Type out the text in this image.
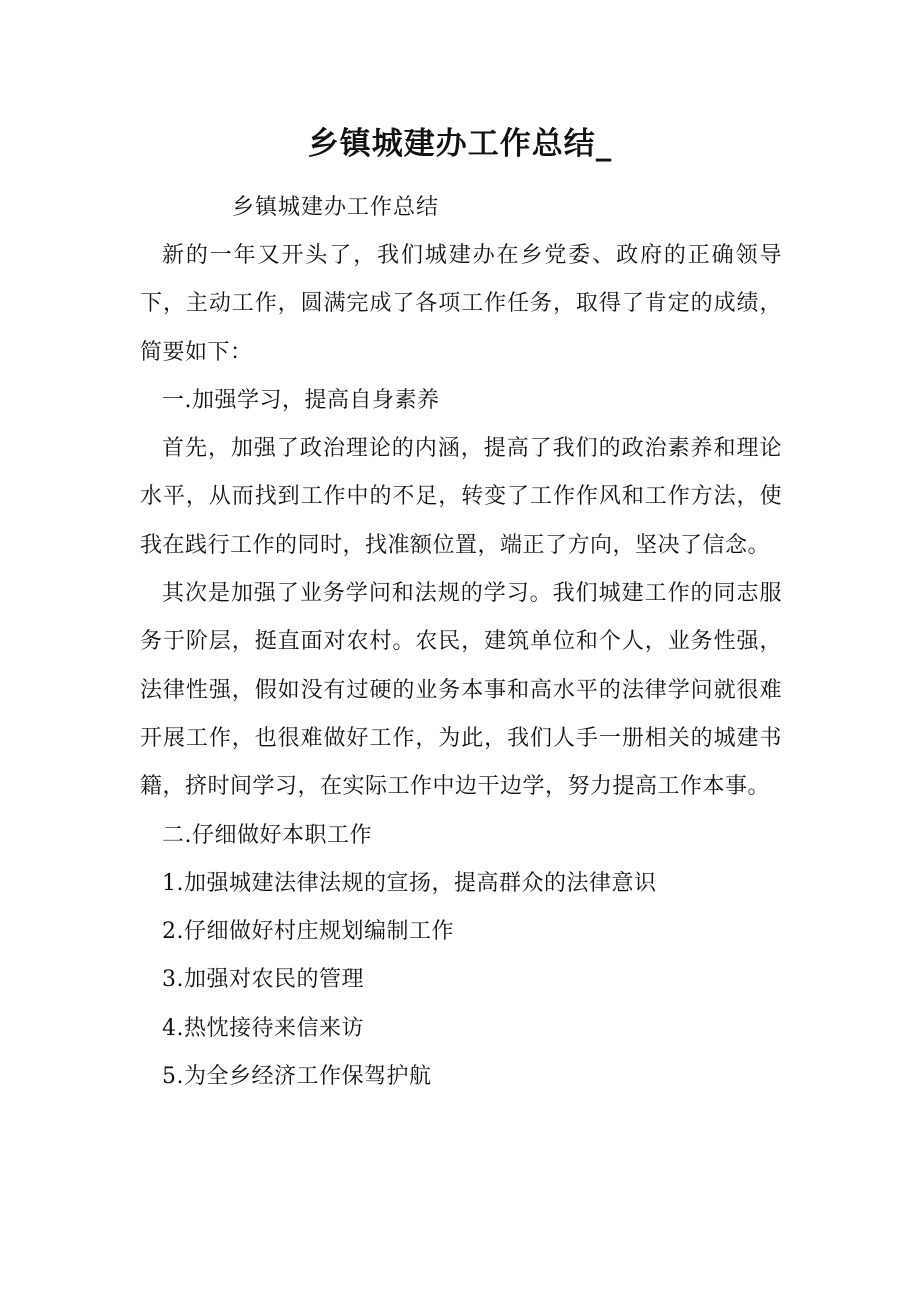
乡镇城建办工作总结_
乡镇城建办工作总结

新的一年又开头了，我们城建办在乡党委、政府的正确领导下，主动工作，圆满完成了各项工作任务，取得了肯定的成绩，简要如下：

一.加强学习，提高自身素养

首先，加强了政治理论的内涵，提高了我们的政治素养和理论水平，从而找到工作中的不足，转变了工作作风和工作方法，使我在践行工作的同时，找准额位置，端正了方向，坚决了信念。

其次是加强了业务学问和法规的学习。我们城建工作的同志服务于阶层，挺直面对农村。农民，建筑单位和个人，业务性强，法律性强，假如没有过硬的业务本事和高水平的法律学问就很难开展工作，也很难做好工作，为此，我们人手一册相关的城建书籍，挤时间学习，在实际工作中边干边学，努力提高工作本事。

二.仔细做好本职工作

1.加强城建法律法规的宣扬，提高群众的法律意识

2.仔细做好村庄规划编制工作

3.加强对农民的管理

4.热忱接待来信来访

5.为全乡经济工作保驾护航
